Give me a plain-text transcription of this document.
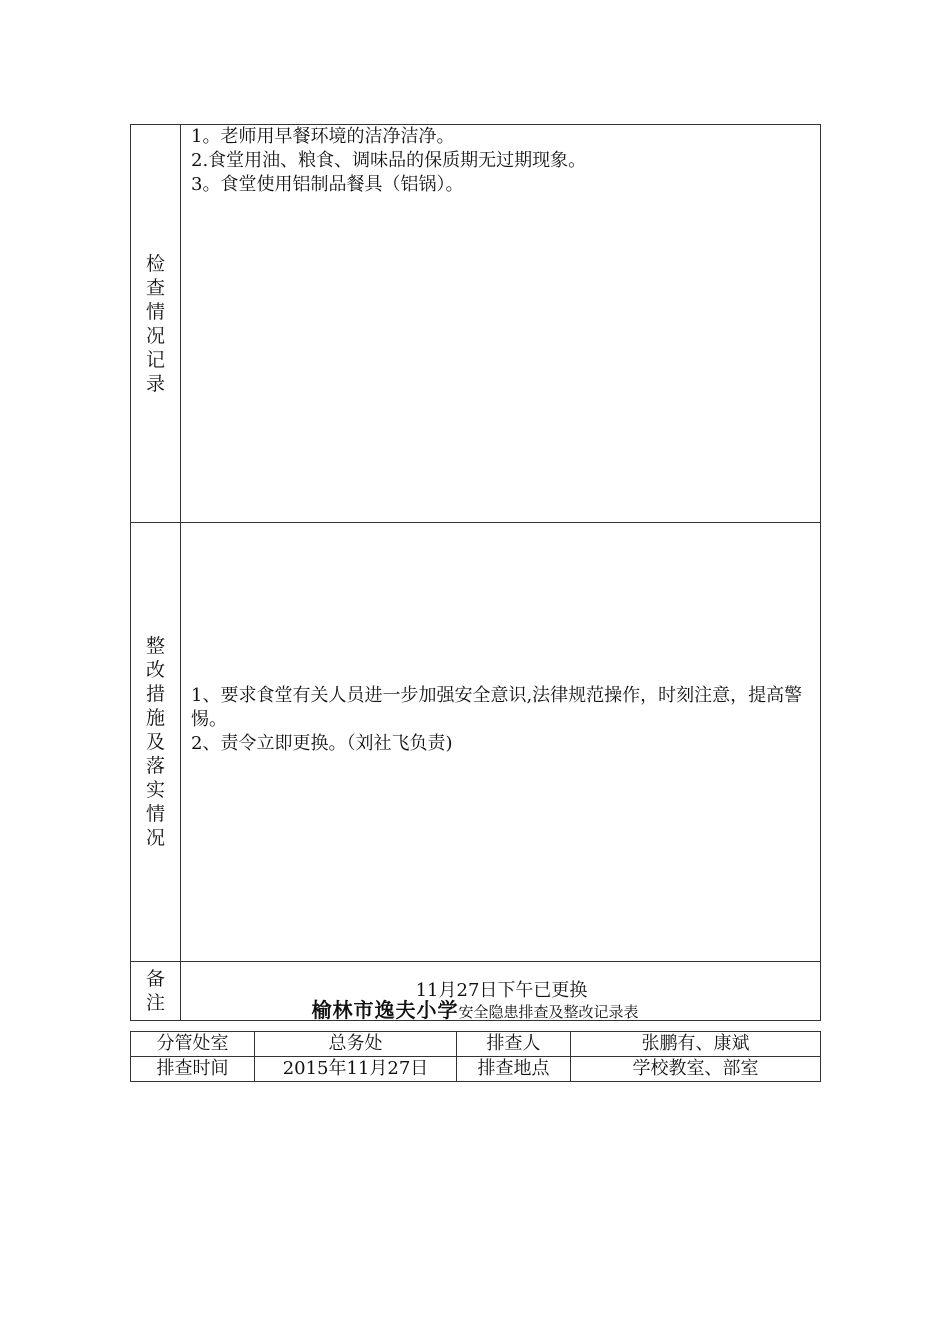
检查情况记录	1。老师用早餐环境的洁净洁净。
2.食堂用油、粮食、调味品的保质期无过期现象。
3。食堂使用铝制品餐具（铝锅）。

整改措施及落实情况	1、要求食堂有关人员进一步加强安全意识,法律规范操作，时刻注意，提高警惕。
2、责令立即更换。（刘社飞负责)

备注	11月27日下午已更换
榆林市逸夫小学安全隐患排查及整改记录表
分管处室	总务处	排查人	张鹏有、康斌
排查时间	2015年11月27日	排查地点	学校教室、部室
